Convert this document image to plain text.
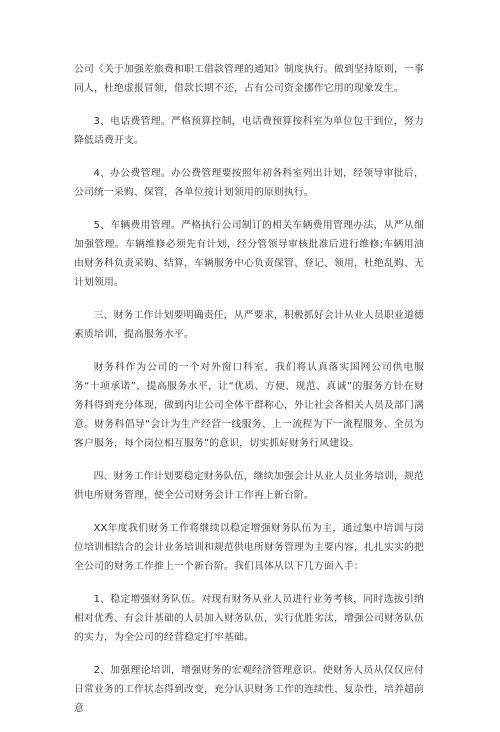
公司《关于加强差旅费和职工借款管理的通知》制度执行。做到坚持原则，一事同人，杜绝虚报冒领，借款长期不还，占有公司资金挪作它用的现象发生。

3、电话费管理。严格预算控制，电话费预算按科室为单位包干到位，努力降低话费开支。

4、办公费管理。办公费管理要按照年初各科室列出计划，经领导审批后，公司统一采购、保管，各单位按计划领用的原则执行。

5、车辆费用管理。严格执行公司制订的相关车辆费用管理办法，从严从细加强管理。车辆维修必须先有计划，经分管领导审核批准后进行维修;车辆用油由财务科负责采购、结算，车辆服务中心负责保管、登记、领用，杜绝乱购、无计划领用。

三、财务工作计划要明确责任，从严要求，积极抓好会计从业人员职业道德素质培训，提高服务水平。

财务科作为公司的一个对外窗口科室，我们将认真落实国网公司供电服务“十项承诺”，提高服务水平，让“优质、方便、规范、真诚”的服务方针在财务科得到充分体现，做到内让公司全体干群称心，外让社会各相关人员及部门满意。财务科倡导“会计为生产经营一线服务、上一流程为下一流程服务、全员为客户服务，每个岗位相互服务”的意识，切实抓好财务行风建设。

四、财务工作计划要稳定财务队伍，继续加强会计从业人员业务培训，规范供电所财务管理，使全公司财务会计工作再上新台阶。

XX年度我们财务工作将继续以稳定增强财务队伍为主，通过集中培训与岗位培训相结合的会计业务培训和规范供电所财务管理为主要内容，扎扎实实的把全公司的财务工作推上一个新台阶。我们具体从以下几方面入手：

1、稳定增强财务队伍。对现有财务从业人员进行业务考核，同时选拔引纳相对优秀、有会计基础的人员加入财务队伍，实行优胜劣汰，增强公司财务队伍的实力，为全公司的经营稳定打牢基础。

2、加强理论培训，增强财务的宏观经济管理意识。使财务人员从仅仅应付日常业务的工作状态得到改变，充分认识财务工作的连续性、复杂性，培养超前意
